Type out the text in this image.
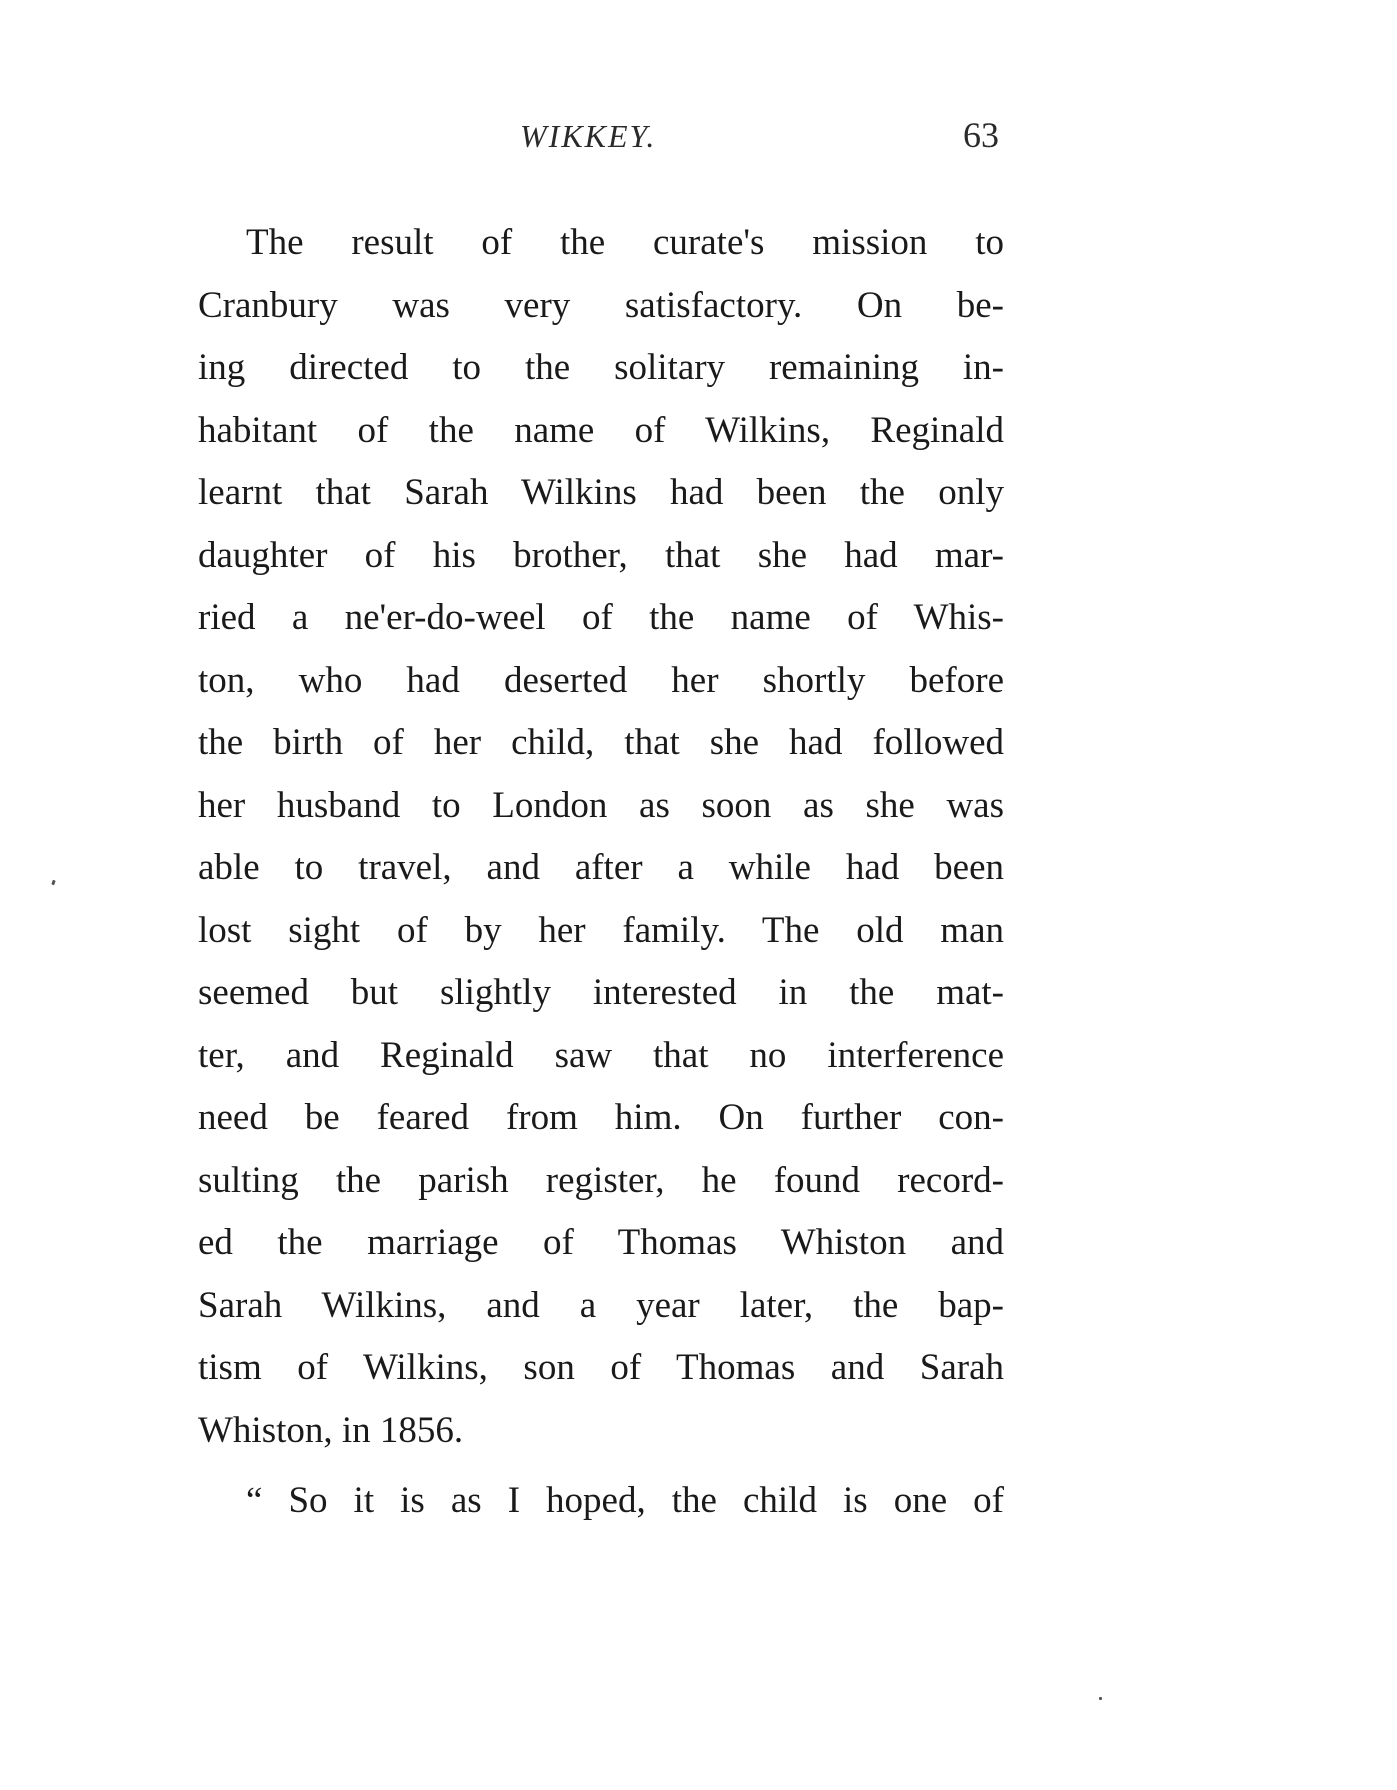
WIKKEY.	63
The result of the curate's mission to
Cranbury was very satisfactory. On be-
ing directed to the solitary remaining in-
habitant of the name of Wilkins, Reginald
learnt that Sarah Wilkins had been the only
daughter of his brother, that she had mar-
ried a ne'er-do-weel of the name of Whis-
ton, who had deserted her shortly before
the birth of her child, that she had followed
her husband to London as soon as she was
able to travel, and after a while had been
lost sight of by her family. The old man
seemed but slightly interested in the mat-
ter, and Reginald saw that no interference
need be feared from him. On further con-
sulting the parish register, he found record-
ed the marriage of Thomas Whiston and
Sarah Wilkins, and a year later, the bap-
tism of Wilkins, son of Thomas and Sarah
Whiston, in 1856.
“ So it is as I hoped, the child is one of
